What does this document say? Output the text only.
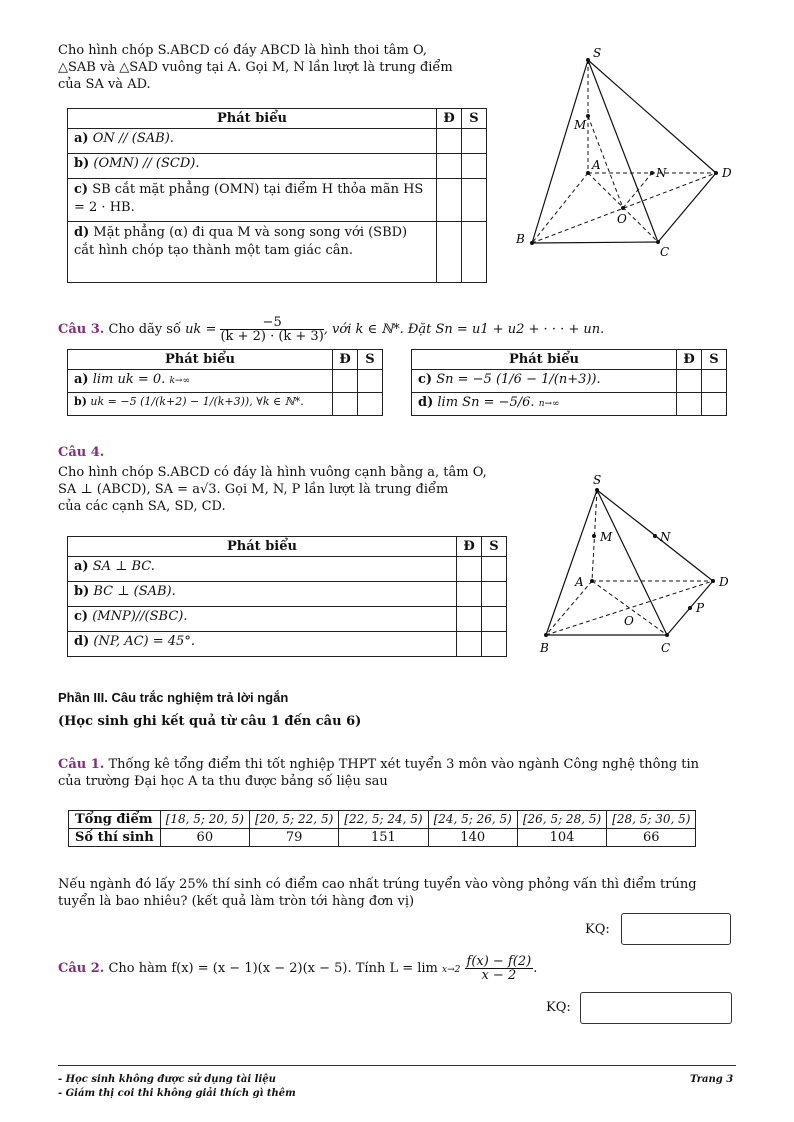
Cho hình chóp S.ABCD có đáy ABCD là hình thoi tâm O,
△SAB và △SAD vuông tại A. Gọi M, N lần lượt là trung điểm
của SA và AD.
Phát biểu	Đ	S
a) ON // (SAB).		
b) (OMN) // (SCD).		
c) SB cắt mặt phẳng (OMN) tại điểm H thỏa mãn HS = 2 · HB.		
d) Mặt phẳng (α) đi qua M và song song với (SBD) cắt hình chóp tạo thành một tam giác cân.		
S
M
A
N	D
O
B
C
Câu 3. Cho dãy số uk = $\frac{-5}{(k + 2) \cdot (k + 3)}$ , với k ∈ ℕ*. Đặt Sn = u1 + u2 + · · · + un.
Phát biểu	Đ	S
a) lim uk = 0. k→∞		
b) uk = −5 (1/(k+2) − 1/(k+3)), ∀k ∈ ℕ*.		
Phát biểu	Đ	S
c) Sn = −5 (1/6 − 1/(n+3)).		
d) lim Sn = −5/6. n→∞		
Câu 4.
Cho hình chóp S.ABCD có đáy là hình vuông cạnh bằng a, tâm O,
SA ⊥ (ABCD), SA = a√3. Gọi M, N, P lần lượt là trung điểm
của các cạnh SA, SD, CD.
Phát biểu	Đ	S
a) SA ⊥ BC.		
b) BC ⊥ (SAB).		
c) (MNP)//(SBC).		
d) (NP, AC) = 45°.		
S
M	N
A	D
O
P
B	C
Phần III. Câu trắc nghiệm trả lời ngắn
(Học sinh ghi kết quả từ câu 1 đến câu 6)
Câu 1. Thống kê tổng điểm thi tốt nghiệp THPT xét tuyển 3 môn vào ngành Công nghệ thông tin
của trường Đại học A ta thu được bảng số liệu sau
Tổng điểm	[18, 5; 20, 5)	[20, 5; 22, 5)	[22, 5; 24, 5)	[24, 5; 26, 5)	[26, 5; 28, 5)	[28, 5; 30, 5)
Số thí sinh	60	79	151	140	104	66
Nếu ngành đó lấy 25% thí sinh có điểm cao nhất trúng tuyển vào vòng phỏng vấn thì điểm trúng
tuyển là bao nhiêu? (kết quả làm tròn tới hàng đơn vị)
KQ:
Câu 2. Cho hàm f(x) = (x − 1)(x − 2)(x − 5). Tính $L = \lim x\to 2 \frac{f(x) - f(2)}{x - 2}$ .
KQ:
- Học sinh không được sử dụng tài liệu
- Giám thị coi thi không giải thích gì thêm
Trang 3
